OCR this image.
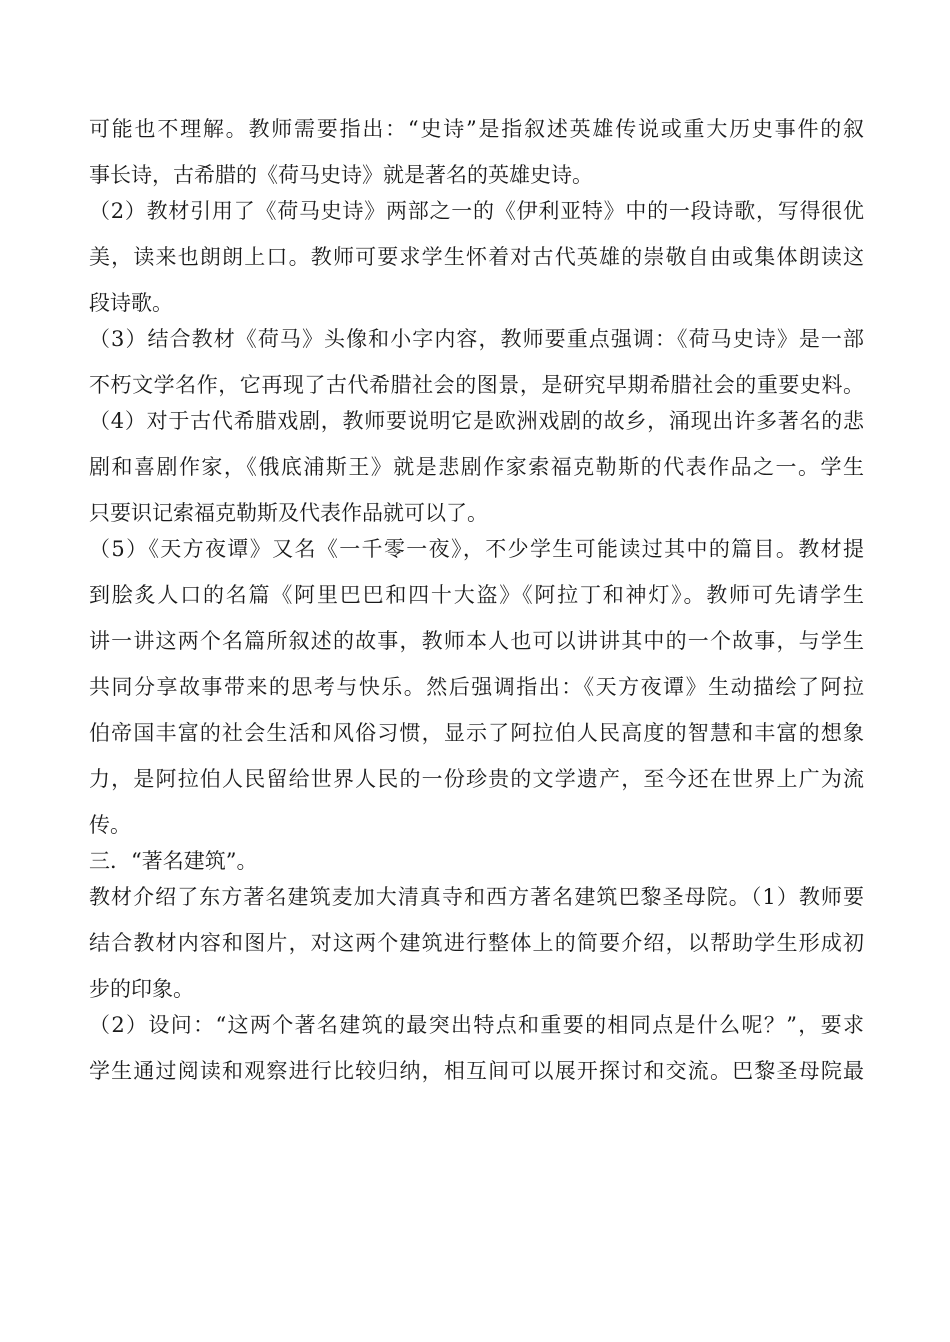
可能也不理解。教师需要指出：“史诗”是指叙述英雄传说或重大历史事件的叙
事长诗，古希腊的《荷马史诗》就是著名的英雄史诗。
（2）教材引用了《荷马史诗》两部之一的《伊利亚特》中的一段诗歌，写得很优
美，读来也朗朗上口。教师可要求学生怀着对古代英雄的崇敬自由或集体朗读这
段诗歌。
（3）结合教材《荷马》头像和小字内容，教师要重点强调：《荷马史诗》是一部
不朽文学名作，它再现了古代希腊社会的图景，是研究早期希腊社会的重要史料。
（4）对于古代希腊戏剧，教师要说明它是欧洲戏剧的故乡，涌现出许多著名的悲
剧和喜剧作家，《俄底浦斯王》就是悲剧作家索福克勒斯的代表作品之一。学生
只要识记索福克勒斯及代表作品就可以了。
（5）《天方夜谭》又名《一千零一夜》，不少学生可能读过其中的篇目。教材提
到脍炙人口的名篇《阿里巴巴和四十大盗》《阿拉丁和神灯》。教师可先请学生
讲一讲这两个名篇所叙述的故事，教师本人也可以讲讲其中的一个故事，与学生
共同分享故事带来的思考与快乐。然后强调指出：《天方夜谭》生动描绘了阿拉
伯帝国丰富的社会生活和风俗习惯，显示了阿拉伯人民高度的智慧和丰富的想象
力，是阿拉伯人民留给世界人民的一份珍贵的文学遗产，至今还在世界上广为流
传。
三．“著名建筑”。
教材介绍了东方著名建筑麦加大清真寺和西方著名建筑巴黎圣母院。（1）教师要
结合教材内容和图片，对这两个建筑进行整体上的简要介绍，以帮助学生形成初
步的印象。
（2）设问：“这两个著名建筑的最突出特点和重要的相同点是什么呢？”，要求
学生通过阅读和观察进行比较归纳，相互间可以展开探讨和交流。巴黎圣母院最
